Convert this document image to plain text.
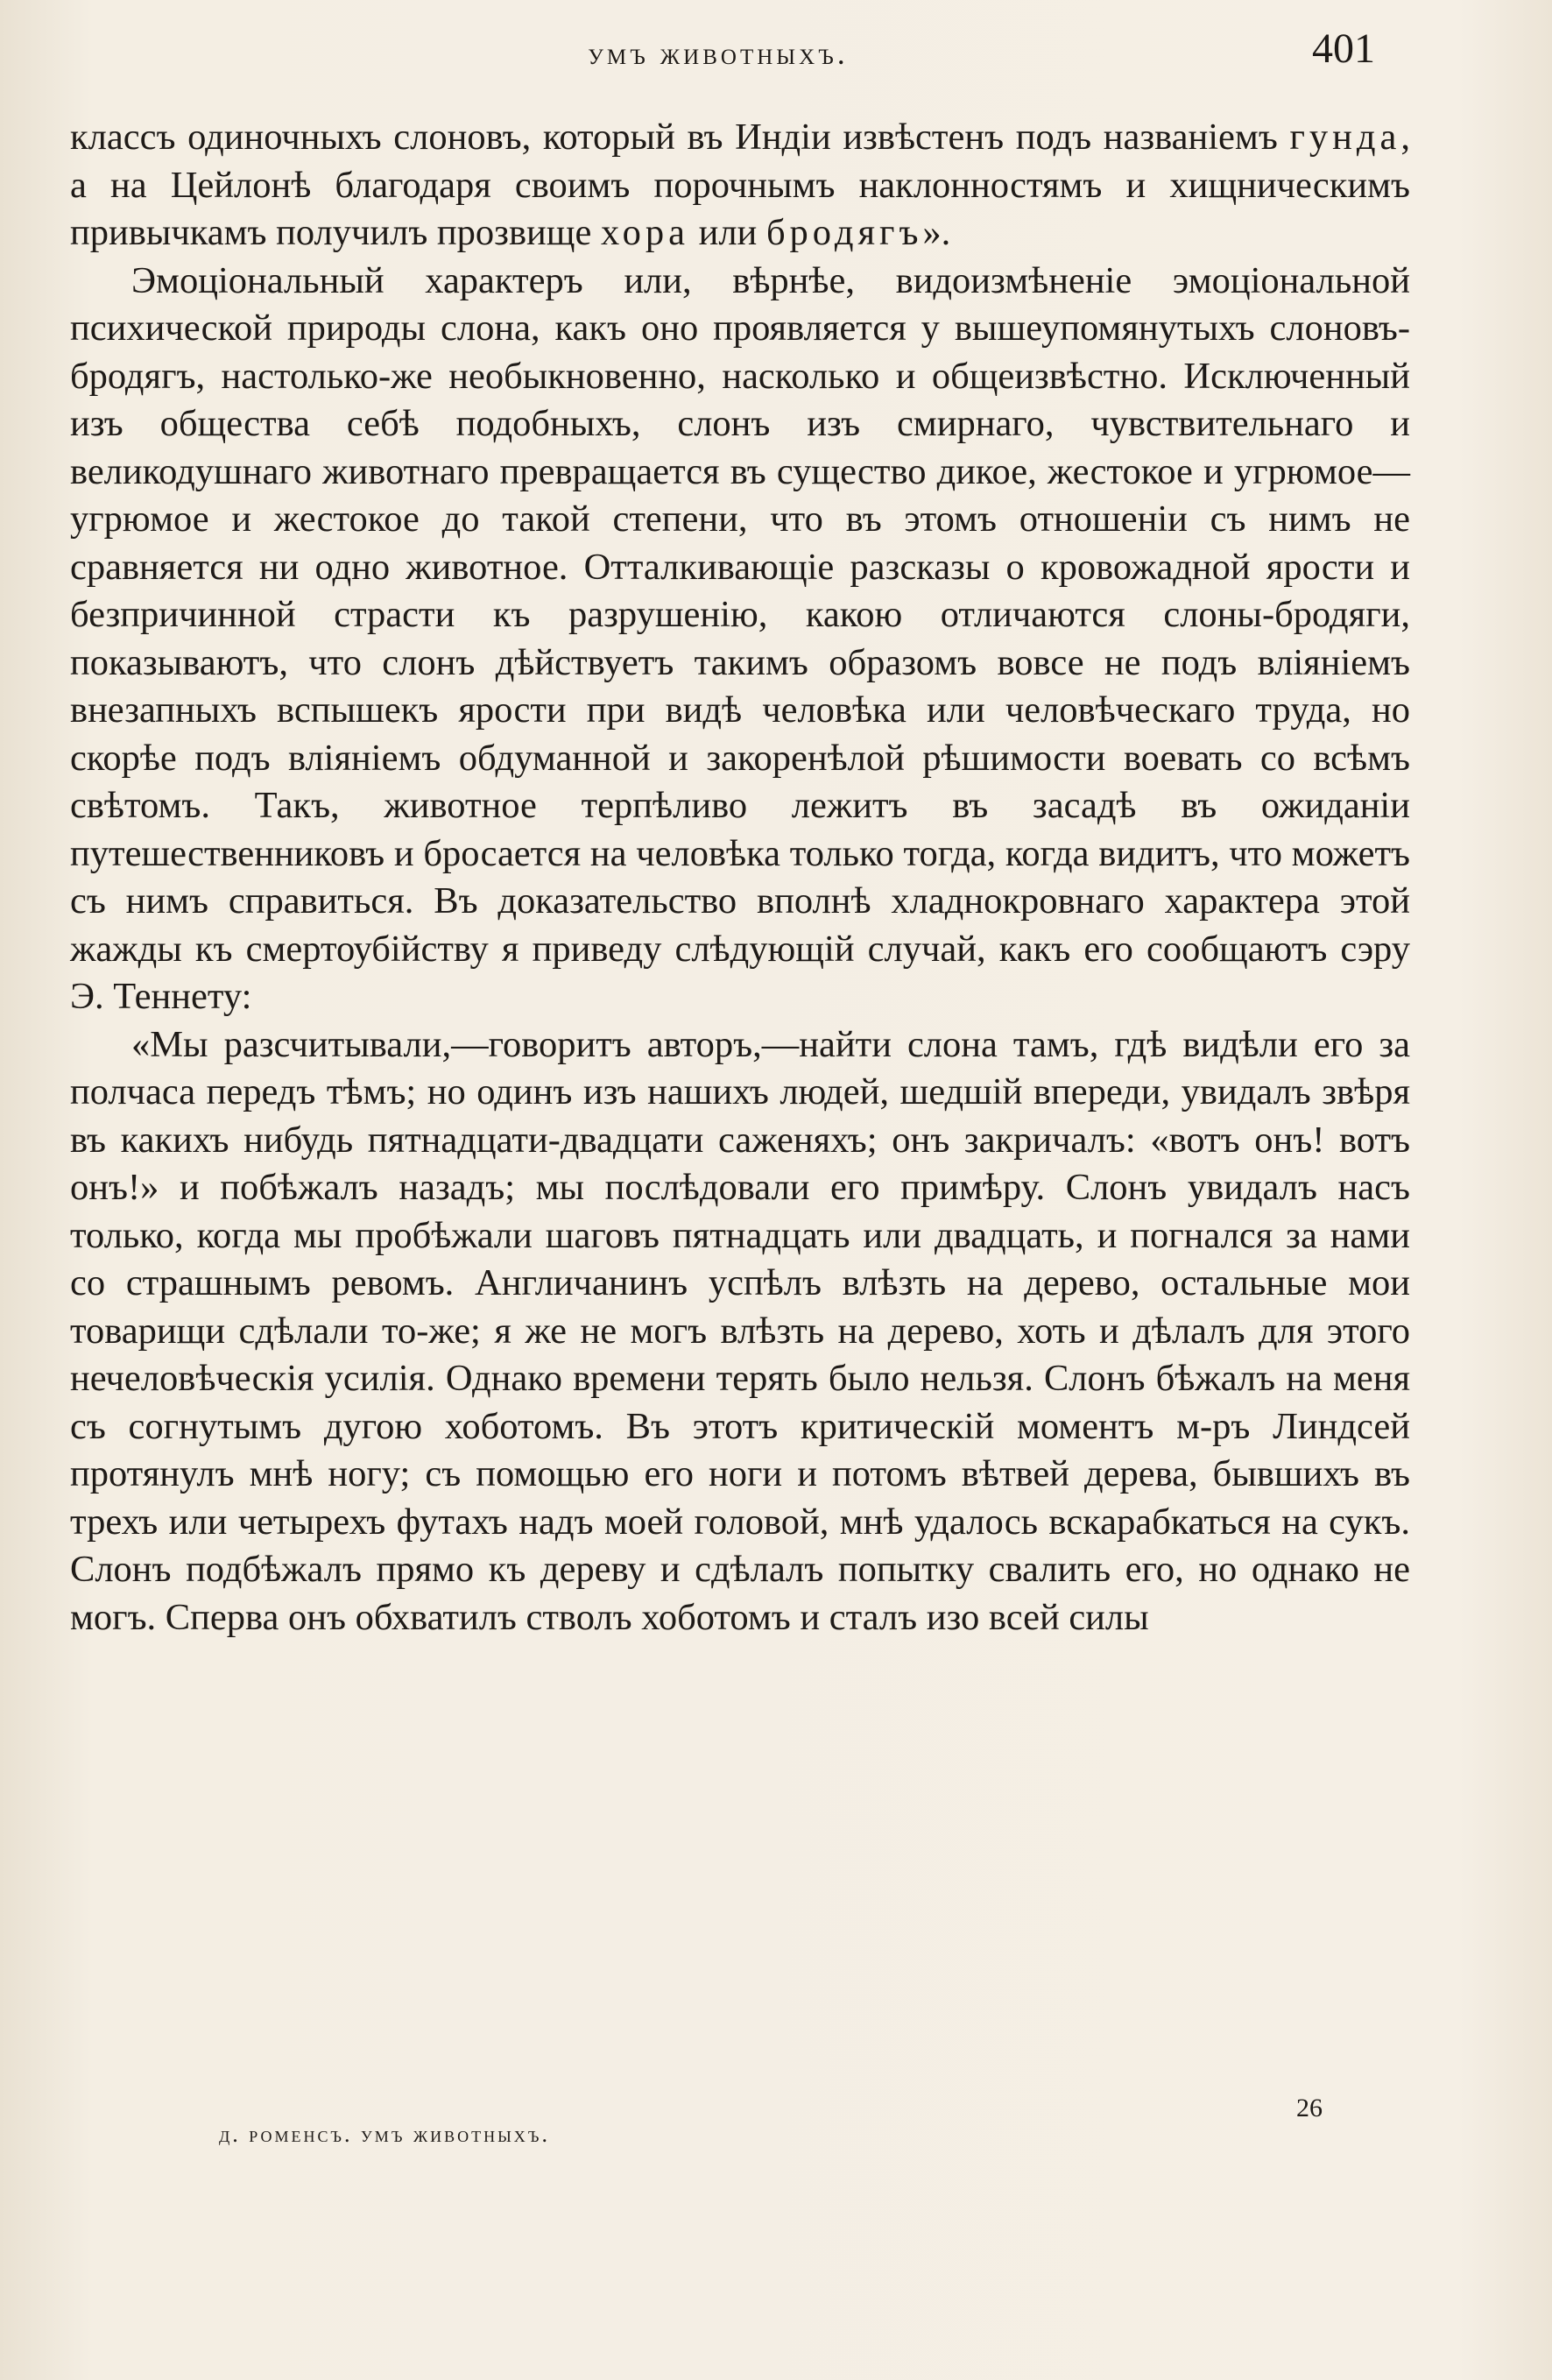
умъ животныхъ.	401

классъ одиночныхъ слоновъ, который въ Индіи извѣстенъ подъ названіемъ гунда, а на Цейлонѣ благодаря своимъ порочнымъ наклонностямъ и хищническимъ привычкамъ получилъ прозвище хора или бродягъ».

Эмоціональный характеръ или, вѣрнѣе, видоизмѣненіе эмоціональной психической природы слона, какъ оно проявляется у вышеупомянутыхъ слоновъ-бродягъ, настолько-же необыкновенно, насколько и общеизвѣстно. Исключенный изъ общества себѣ подобныхъ, слонъ изъ смирнаго, чувствительнаго и великодушнаго животнаго превращается въ существо дикое, жестокое и угрюмое—угрюмое и жестокое до такой степени, что въ этомъ отношеніи съ нимъ не сравняется ни одно животное. Отталкивающіе разсказы о кровожадной ярости и безпричинной страсти къ разрушенію, какою отличаются слоны-бродяги, показываютъ, что слонъ дѣйствуетъ такимъ образомъ вовсе не подъ вліяніемъ внезапныхъ вспышекъ ярости при видѣ человѣка или человѣческаго труда, но скорѣе подъ вліяніемъ обдуманной и закоренѣлой рѣшимости воевать со всѣмъ свѣтомъ. Такъ, животное терпѣливо лежитъ въ засадѣ въ ожиданіи путешественниковъ и бросается на человѣка только тогда, когда видитъ, что можетъ съ нимъ справиться. Въ доказательство вполнѣ хладнокровнаго характера этой жажды къ смертоубійству я приведу слѣдующій случай, какъ его сообщаютъ сэру Э. Теннету:

«Мы разсчитывали,—говоритъ авторъ,—найти слона тамъ, гдѣ видѣли его за полчаса передъ тѣмъ; но одинъ изъ нашихъ людей, шедшій впереди, увидалъ звѣря въ какихъ нибудь пятнадцати-двадцати саженяхъ; онъ закричалъ: «вотъ онъ! вотъ онъ!» и побѣжалъ назадъ; мы послѣдовали его примѣру. Слонъ увидалъ насъ только, когда мы пробѣжали шаговъ пятнадцать или двадцать, и погнался за нами со страшнымъ ревомъ. Англичанинъ успѣлъ влѣзть на дерево, остальные мои товарищи сдѣлали то-же; я же не могъ влѣзть на дерево, хоть и дѣлалъ для этого нечеловѣческія усилія. Однако времени терять было нельзя. Слонъ бѣжалъ на меня съ согнутымъ дугою хоботомъ. Въ этотъ критическій моментъ м-ръ Линдсей протянулъ мнѣ ногу; съ помощью его ноги и потомъ вѣтвей дерева, бывшихъ въ трехъ или четырехъ футахъ надъ моей головой, мнѣ удалось вскарабкаться на сукъ. Слонъ подбѣжалъ прямо къ дереву и сдѣлалъ попытку свалить его, но однако не могъ. Сперва онъ обхватилъ стволъ хоботомъ и сталъ изо всей силы

д. роменсъ. умъ животныхъ.
26
